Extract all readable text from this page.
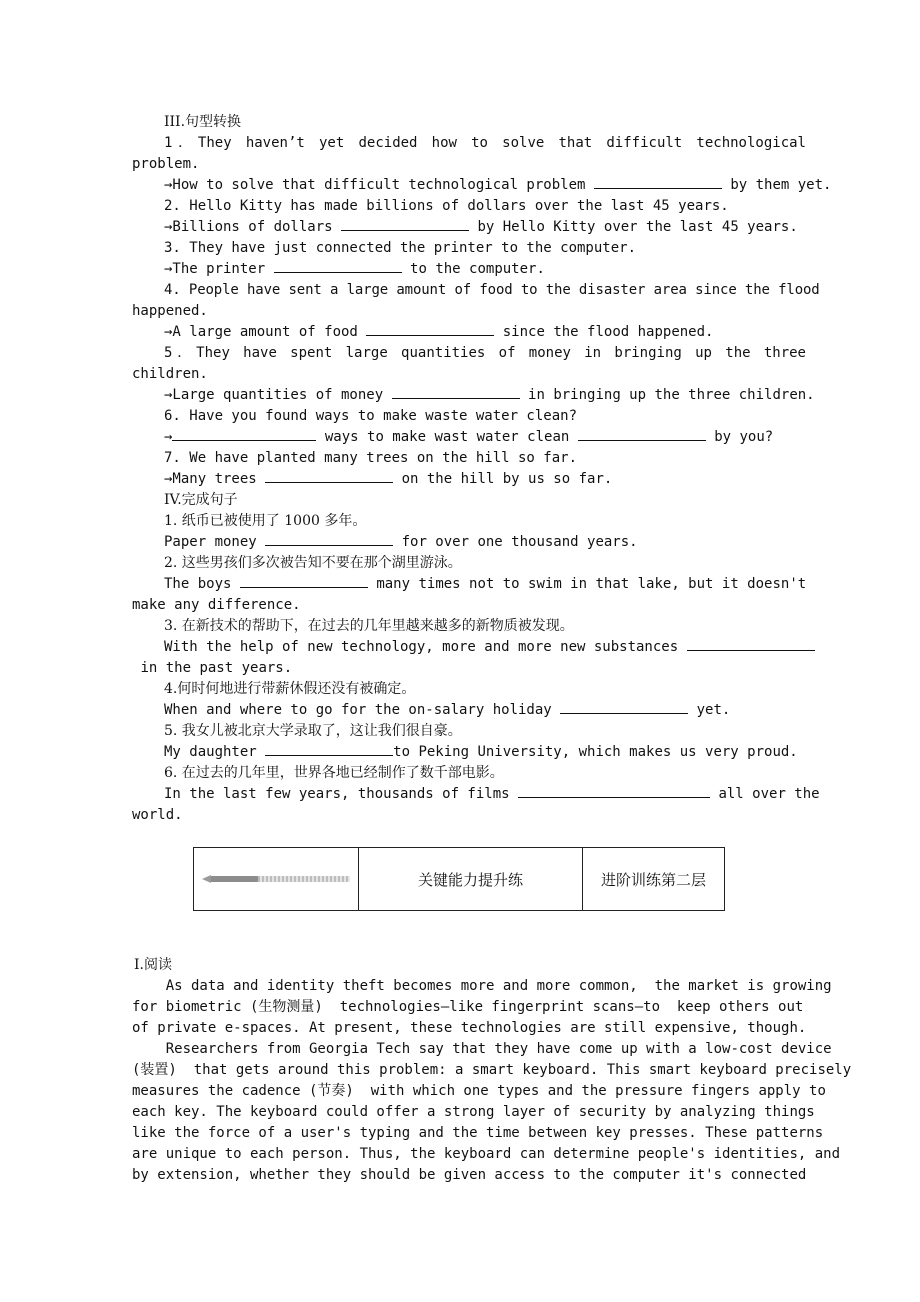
III.句型转换
1．They haven’t yet decided how to solve that difficult technological
problem.
→How to solve that difficult technological problem	by them yet.
2. Hello Kitty has made billions of dollars over the last 45 years.
→Billions of dollars	by Hello Kitty over the last 45 years.
3. They have just connected the printer to the computer.
→The printer	to the computer.
4. People have sent a large amount of food to the disaster area since the flood
happened.
→A large amount of food	since the flood happened.
5．They have spent large quantities of money in bringing up the three
children.
→Large quantities of money	in bringing up the three children.
6. Have you found ways to make waste water clean?
→	ways to make wast water clean	by you?
7. We have planted many trees on the hill so far.
→Many trees	on the hill by us so far.
IV.完成句子
1. 纸币已被使用了 1000 多年。
Paper money	for over one thousand years.
2. 这些男孩们多次被告知不要在那个湖里游泳。
The boys	many times not to swim in that lake, but it doesn't
make any difference.
3. 在新技术的帮助下，在过去的几年里越来越多的新物质被发现。
With the help of new technology, more and more new substances
in the past years.
4.何时何地进行带薪休假还没有被确定。
When and where to go for the on-salary holiday	yet.
5. 我女儿被北京大学录取了，这让我们很自豪。
My daughter	to Peking University, which makes us very proud.
6. 在过去的几年里，世界各地已经制作了数千部电影。
In the last few years, thousands of films	all over the
world.
关键能力提升练	进阶训练第二层
Ⅰ.阅读
As data and identity theft becomes more and more common,  the market is growing
for biometric (生物测量)  technologies—like fingerprint scans—to  keep others out
of private e-spaces. At present, these technologies are still expensive, though.
Researchers from Georgia Tech say that they have come up with a low-cost device
(装置)  that gets around this problem: a smart keyboard. This smart keyboard precisely
measures the cadence (节奏)  with which one types and the pressure fingers apply to
each key. The keyboard could offer a strong layer of security by analyzing things
like the force of a user's typing and the time between key presses. These patterns
are unique to each person. Thus, the keyboard can determine people's identities, and
by extension, whether they should be given access to the computer it's connected
